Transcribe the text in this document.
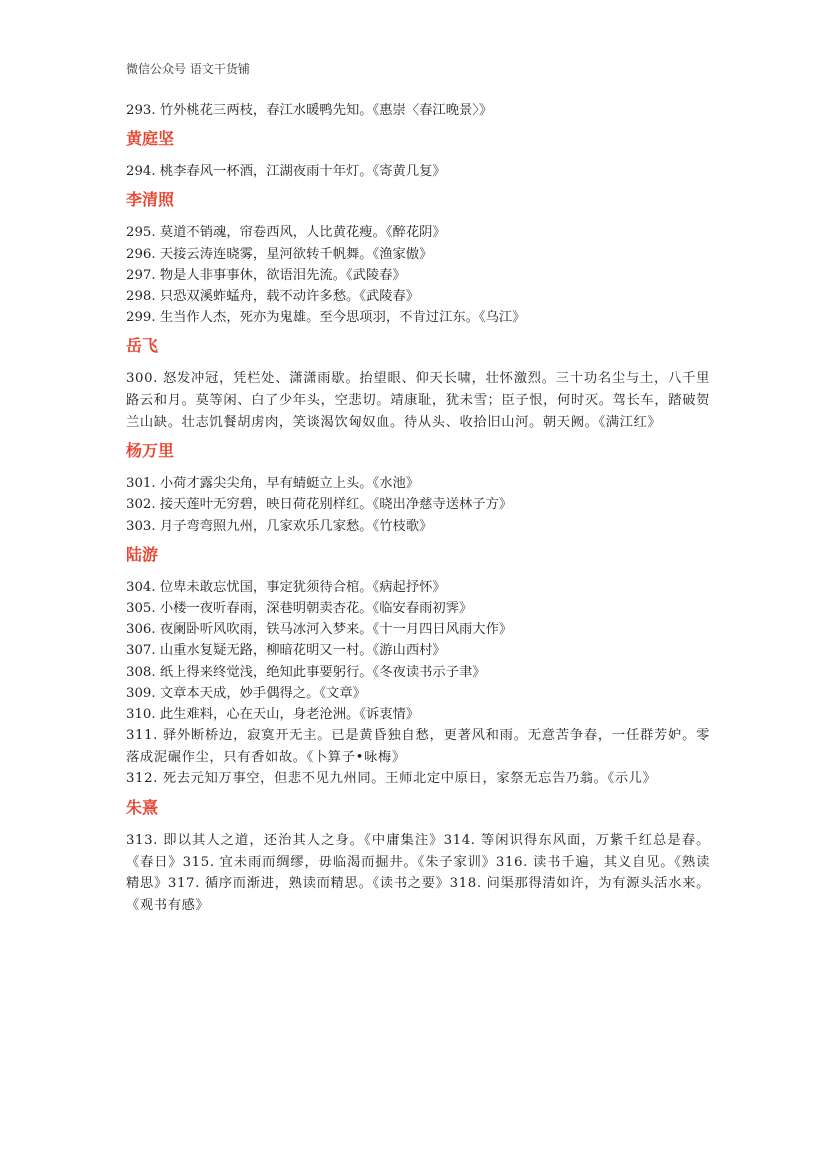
微信公众号 语文干货铺
293. 竹外桃花三两枝，春江水暖鸭先知。《惠崇〈春江晚景〉》
黄庭坚
294. 桃李春风一杯酒，江湖夜雨十年灯。《寄黄几复》
李清照
295. 莫道不销魂，帘卷西风，人比黄花瘦。《醉花阴》
296. 天接云涛连晓雾，星河欲转千帆舞。《渔家傲》
297. 物是人非事事休，欲语泪先流。《武陵春》
298. 只恐双溪蚱蜢舟，载不动许多愁。《武陵春》
299. 生当作人杰，死亦为鬼雄。至今思项羽，不肯过江东。《乌江》
岳飞
300. 怒发冲冠，凭栏处、潇潇雨歇。抬望眼、仰天长啸，壮怀激烈。三十功名尘与土，八千里路云和月。莫等闲、白了少年头，空悲切。靖康耻，犹未雪；臣子恨，何时灭。驾长车，踏破贺兰山缺。壮志饥餐胡虏肉，笑谈渴饮匈奴血。待从头、收拾旧山河。朝天阙。《满江红》
杨万里
301. 小荷才露尖尖角，早有蜻蜓立上头。《水池》
302. 接天莲叶无穷碧，映日荷花别样红。《晓出净慈寺送林子方》
303. 月子弯弯照九州，几家欢乐几家愁。《竹枝歌》
陆游
304. 位卑未敢忘忧国，事定犹须待合棺。《病起抒怀》
305. 小楼一夜听春雨，深巷明朝卖杏花。《临安春雨初霁》
306. 夜阑卧听风吹雨，铁马冰河入梦来。《十一月四日风雨大作》
307. 山重水复疑无路，柳暗花明又一村。《游山西村》
308. 纸上得来终觉浅，绝知此事要躬行。《冬夜读书示子聿》
309. 文章本天成，妙手偶得之。《文章》
310. 此生难料，心在天山，身老沧洲。《诉衷情》
311. 驿外断桥边，寂寞开无主。已是黄昏独自愁，更著风和雨。无意苦争春，一任群芳妒。零落成泥碾作尘，只有香如故。《卜算子•咏梅》
312. 死去元知万事空，但悲不见九州同。王师北定中原日，家祭无忘告乃翁。《示儿》
朱熹
313. 即以其人之道，还治其人之身。《中庸集注》314. 等闲识得东风面，万紫千红总是春。《春日》315. 宜未雨而绸缪，毋临渴而掘井。《朱子家训》316. 读书千遍，其义自见。《熟读精思》317. 循序而渐进，熟读而精思。《读书之要》318. 问渠那得清如许，为有源头活水来。《观书有感》
